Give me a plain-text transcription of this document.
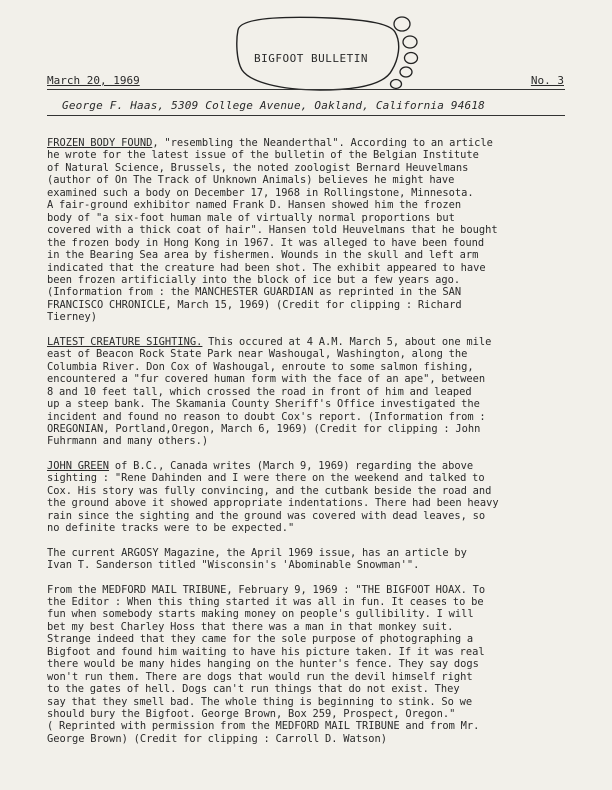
BIGFOOT BULLETIN
March 20, 1969	No. 3
George F. Haas, 5309 College Avenue, Oakland, California 94618

FROZEN BODY FOUND, "resembling the Neanderthal". According to an article
he wrote for the latest issue of the bulletin of the Belgian Institute
of Natural Science, Brussels, the noted zoologist Bernard Heuvelmans
(author of On The Track of Unknown Animals) believes he might have
examined such a body on December 17, 1968 in Rollingstone, Minnesota.
A fair-ground exhibitor named Frank D. Hansen showed him the frozen
body of "a six-foot human male of virtually normal proportions but
covered with a thick coat of hair". Hansen told Heuvelmans that he bought
the frozen body in Hong Kong in 1967. It was alleged to have been found
in the Bearing Sea area by fishermen. Wounds in the skull and left arm
indicated that the creature had been shot. The exhibit appeared to have
been frozen artificially into the block of ice but a few years ago.
(Information from : the MANCHESTER GUARDIAN as reprinted in the SAN
FRANCISCO CHRONICLE, March 15, 1969) (Credit for clipping : Richard
Tierney)

LATEST CREATURE SIGHTING. This occured at 4 A.M. March 5, about one mile
east of Beacon Rock State Park near Washougal, Washington, along the
Columbia River. Don Cox of Washougal, enroute to some salmon fishing,
encountered a "fur covered human form with the face of an ape", between
8 and 10 feet tall, which crossed the road in front of him and leaped
up a steep bank. The Skamania County Sheriff's Office investigated the
incident and found no reason to doubt Cox's report. (Information from :
OREGONIAN, Portland,Oregon, March 6, 1969) (Credit for clipping : John
Fuhrmann and many others.)

JOHN GREEN of B.C., Canada writes (March 9, 1969) regarding the above
sighting : "Rene Dahinden and I were there on the weekend and talked to
Cox. His story was fully convincing, and the cutbank beside the road and
the ground above it showed appropriate indentations. There had been heavy
rain since the sighting and the ground was covered with dead leaves, so
no definite tracks were to be expected."

The current ARGOSY Magazine, the April 1969 issue, has an article by
Ivan T. Sanderson titled "Wisconsin's 'Abominable Snowman'".

From the MEDFORD MAIL TRIBUNE, February 9, 1969 : "THE BIGFOOT HOAX. To
the Editor : When this thing started it was all in fun. It ceases to be
fun when somebody starts making money on people's gullibility. I will
bet my best Charley Hoss that there was a man in that monkey suit.
Strange indeed that they came for the sole purpose of photographing a
Bigfoot and found him waiting to have his picture taken. If it was real
there would be many hides hanging on the hunter's fence. They say dogs
won't run them. There are dogs that would run the devil himself right
to the gates of hell. Dogs can't run things that do not exist. They
say that they smell bad. The whole thing is beginning to stink. So we
should bury the Bigfoot. George Brown, Box 259, Prospect, Oregon."
( Reprinted with permission from the MEDFORD MAIL TRIBUNE and from Mr.
George Brown) (Credit for clipping : Carroll D. Watson)
